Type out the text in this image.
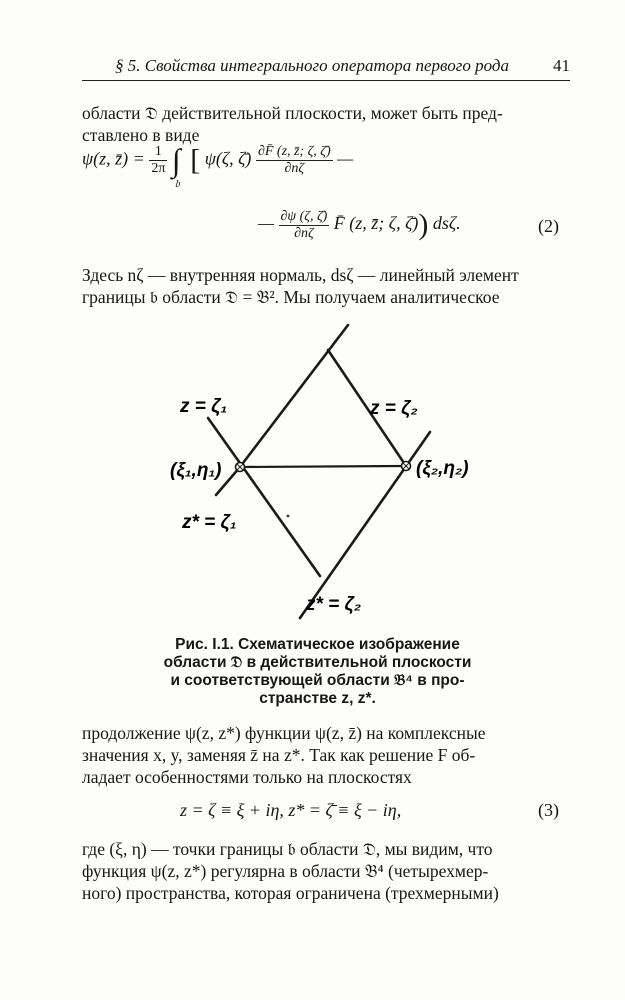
§ 5. Свойства интегрального оператора первого рода	41
области 𝔇 действительной плоскости, может быть пред-
ставлено в виде
ψ(z, z̄) = $\frac{1}{2\pi} \int_𝔟$ [ ψ(ζ, ζ̄) $\frac{\partial F̄ (z, z̄; \zeta, \zetā)}{\partial n\zeta}$ —
— $\frac{\partial\psi (\zeta, \zetā)}{\partial n\zeta}$ F̄ (z, z̄; ζ, ζ̄)) dsζ.	(2)
Здесь nζ — внутренняя нормаль, dsζ — линейный элемент
границы 𝔟 области 𝔇 = 𝔅². Мы получаем аналитическое
z = ζ₁	z = ζ₂
(ξ₁,η₁)	(ξ₂,η₂)
z* = ζ₁
z* = ζ₂
Рис. I.1. Схематическое изображение
области 𝔇 в действительной плоскости
и соответствующей области 𝔅⁴ в про-
странстве z, z*.
продолжение ψ(z, z*) функции ψ(z, z̄) на комплексные
значения x, y, заменяя z̄ на z*. Так как решение F об-
ладает особенностями только на плоскостях
z = ζ ≡ ξ + iη, z* = ζ̄ ≡ ξ − iη,	(3)
где (ξ, η) — точки границы 𝔟 области 𝔇, мы видим, что
функция ψ(z, z*) регулярна в области 𝔅⁴ (четырехмер-
ного) пространства, которая ограничена (трехмерными)
